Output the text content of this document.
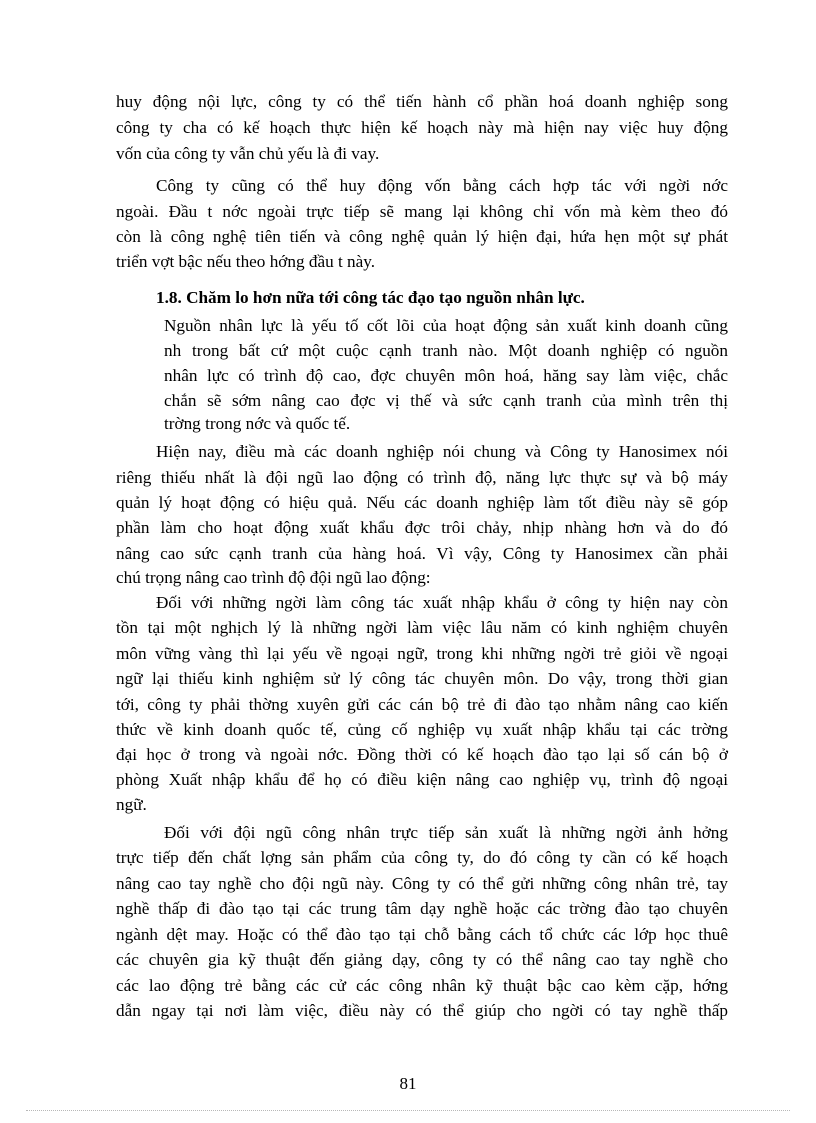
huy động nội lực, công ty có thể tiến hành cổ phần hoá doanh nghiệp song
công ty cha có kế hoạch thực hiện kế hoạch này mà hiện nay việc huy động
vốn của công ty vẫn chủ yếu là đi vay.
Công ty cũng có thể huy động vốn bằng cách hợp tác với ngời nớc
ngoài. Đầu t nớc ngoài trực tiếp sẽ mang lại không chỉ vốn mà kèm theo đó
còn là công nghệ tiên tiến và công nghệ quản lý hiện đại, hứa hẹn một sự phát
triển vợt bậc nếu theo hớng đầu t này.
1.8. Chăm lo hơn nữa tới công tác đạo tạo nguồn nhân lực.
Nguồn nhân lực là yếu tố cốt lõi của hoạt động sản xuất kinh doanh cũng
nh trong bất cứ một cuộc cạnh tranh nào. Một doanh nghiệp có nguồn
nhân lực có trình độ cao, đợc chuyên môn hoá, hăng say làm việc, chắc
chắn sẽ sớm nâng cao đợc vị thế và sức cạnh tranh của mình trên thị
trờng trong nớc và quốc tế.
Hiện nay, điều mà các doanh nghiệp nói chung và Công ty Hanosimex nói
riêng thiếu nhất là đội ngũ lao động có trình độ, năng lực thực sự và bộ máy
quản lý hoạt động có hiệu quả. Nếu các doanh nghiệp làm tốt điều này sẽ góp
phần làm cho hoạt động xuất khẩu đợc trôi chảy, nhịp nhàng hơn và do đó
nâng cao sức cạnh tranh của hàng hoá. Vì vậy, Công ty Hanosimex cần phải
chú trọng nâng cao trình độ đội ngũ lao động:
Đối với những ngời làm công tác xuất nhập khẩu ở công ty hiện nay còn
tồn tại một nghịch lý là những ngời làm việc lâu năm có kinh nghiệm chuyên
môn vững vàng thì lại yếu về ngoại ngữ, trong khi những ngời trẻ giỏi về ngoại
ngữ lại thiếu kinh nghiệm sử lý công tác chuyên môn. Do vậy, trong thời gian
tới, công ty phải thờng xuyên gửi các cán bộ trẻ đi đào tạo nhằm nâng cao kiến
thức về kinh doanh quốc tế, củng cố nghiệp vụ xuất nhập khẩu tại các trờng
đại học ở trong và ngoài nớc. Đồng thời có kế hoạch đào tạo lại số cán bộ ở
phòng Xuất nhập khẩu để họ có điều kiện nâng cao nghiệp vụ, trình độ ngoại
ngữ.
Đối với đội ngũ công nhân trực tiếp sản xuất là những ngời ảnh hởng
trực tiếp đến chất lợng sản phẩm của công ty, do đó công ty cần có kế hoạch
nâng cao tay nghề cho đội ngũ này. Công ty có thể gửi những công nhân trẻ, tay
nghề thấp đi đào tạo tại các trung tâm dạy nghề hoặc các trờng đào tạo chuyên
ngành dệt may. Hoặc có thể đào tạo tại chỗ bằng cách tổ chức các lớp học thuê
các chuyên gia kỹ thuật đến giảng dạy, công ty có thể nâng cao tay nghề cho
các lao động trẻ bằng các cử các công nhân kỹ thuật bậc cao kèm cặp, hớng
dẫn ngay tại nơi làm việc, điều này có thể giúp cho ngời có tay nghề thấp
81
